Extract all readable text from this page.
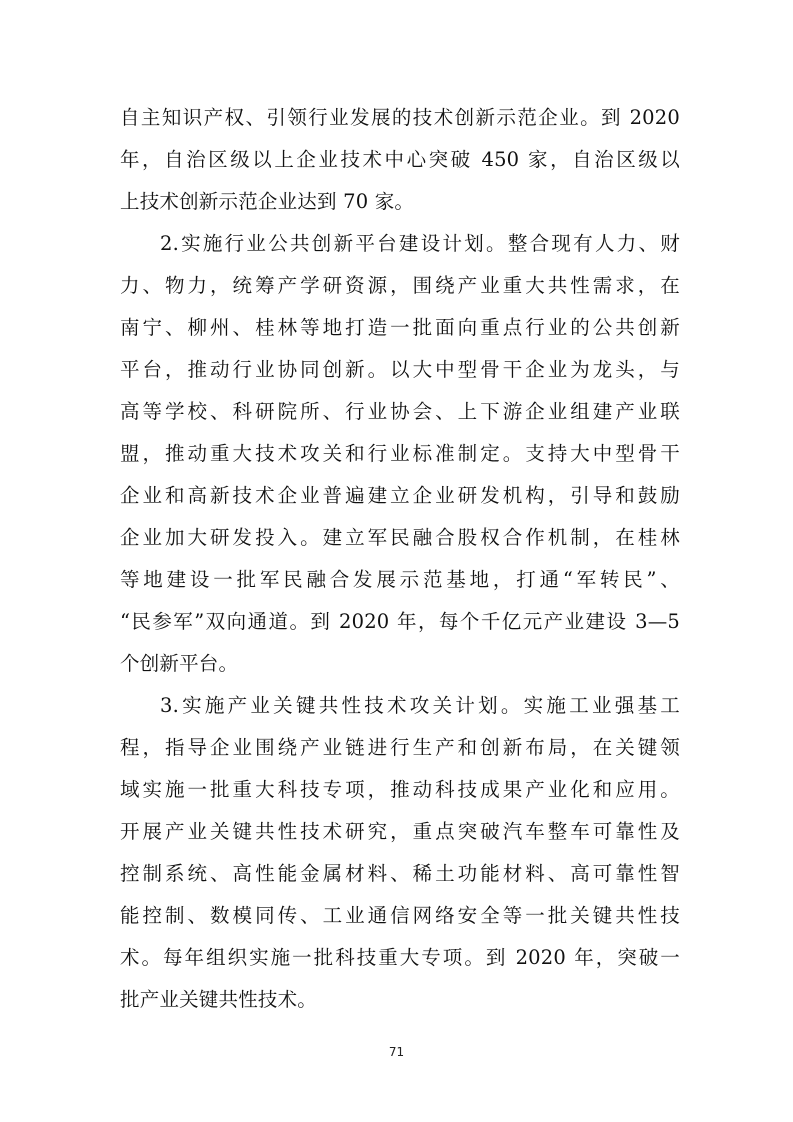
自主知识产权、引领行业发展的技术创新示范企业。到 2020
年，自治区级以上企业技术中心突破 450 家，自治区级以
上技术创新示范企业达到 70 家。
2.实施行业公共创新平台建设计划。整合现有人力、财
力、物力，统筹产学研资源，围绕产业重大共性需求，在
南宁、柳州、桂林等地打造一批面向重点行业的公共创新
平台，推动行业协同创新。以大中型骨干企业为龙头，与
高等学校、科研院所、行业协会、上下游企业组建产业联
盟，推动重大技术攻关和行业标准制定。支持大中型骨干
企业和高新技术企业普遍建立企业研发机构，引导和鼓励
企业加大研发投入。建立军民融合股权合作机制，在桂林
等地建设一批军民融合发展示范基地，打通“军转民”、
“民参军”双向通道。到 2020 年，每个千亿元产业建设 3—5
个创新平台。
3.实施产业关键共性技术攻关计划。实施工业强基工
程，指导企业围绕产业链进行生产和创新布局，在关键领
域实施一批重大科技专项，推动科技成果产业化和应用。
开展产业关键共性技术研究，重点突破汽车整车可靠性及
控制系统、高性能金属材料、稀土功能材料、高可靠性智
能控制、数模同传、工业通信网络安全等一批关键共性技
术。每年组织实施一批科技重大专项。到 2020 年，突破一
批产业关键共性技术。
71
